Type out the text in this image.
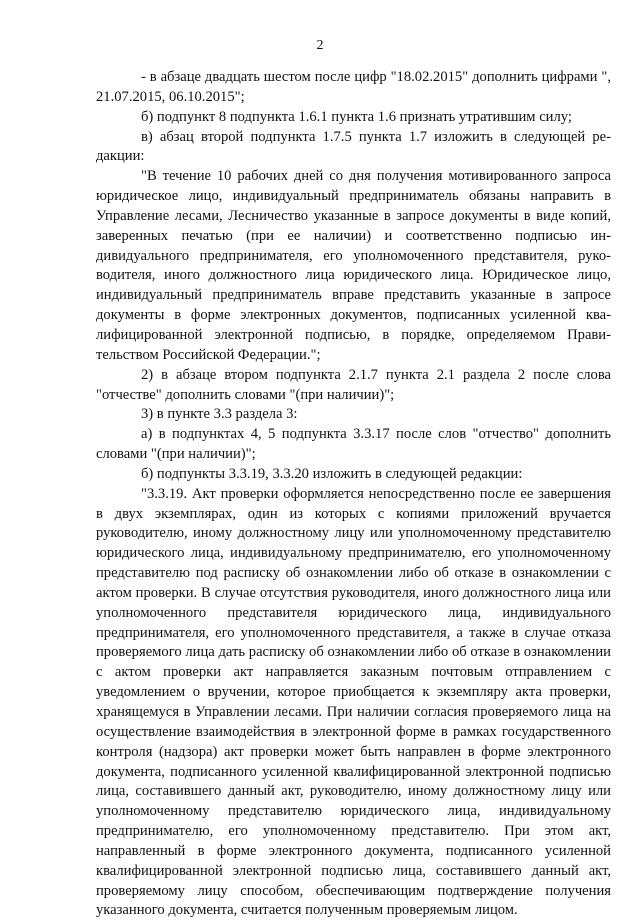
2

- в абзаце двадцать шестом после цифр "18.02.2015" дополнить цифрами ", 21.07.2015, 06.10.2015";

б) подпункт 8 подпункта 1.6.1 пункта 1.6 признать утратившим силу;

в) абзац второй подпункта 1.7.5 пункта 1.7 изложить в следующей редакции:

"В течение 10 рабочих дней со дня получения мотивированного запроса юридическое лицо, индивидуальный предприниматель обязаны направить в Управление лесами, Лесничество указанные в запросе документы в виде копий, заверенных печатью (при ее наличии) и соответственно подписью индивидуального предпринимателя, его уполномоченного представителя, руководителя, иного должностного лица юридического лица. Юридическое лицо, индивидуальный предприниматель вправе представить указанные в запросе документы в форме электронных документов, подписанных усиленной квалифицированной электронной подписью, в порядке, определяемом Правительством Российской Федерации.";

2) в абзаце втором подпункта 2.1.7 пункта 2.1 раздела 2 после слова "отчестве" дополнить словами "(при наличии)";

3) в пункте 3.3 раздела 3:

а) в подпунктах 4, 5 подпункта 3.3.17 после слов "отчество" дополнить словами "(при наличии)";

б) подпункты 3.3.19, 3.3.20 изложить в следующей редакции:

"3.3.19. Акт проверки оформляется непосредственно после ее завершения в двух экземплярах, один из которых с копиями приложений вручается руководителю, иному должностному лицу или уполномоченному представителю юридического лица, индивидуальному предпринимателю, его уполномоченному представителю под расписку об ознакомлении либо об отказе в ознакомлении с актом проверки. В случае отсутствия руководителя, иного должностного лица или уполномоченного представителя юридического лица, индивидуального предпринимателя, его уполномоченного представителя, а также в случае отказа проверяемого лица дать расписку об ознакомлении либо об отказе в ознакомлении с актом проверки акт направляется заказным почтовым отправлением с уведомлением о вручении, которое приобщается к экземпляру акта проверки, хранящемуся в Управлении лесами. При наличии согласия проверяемого лица на осуществление взаимодействия в электронной форме в рамках государственного контроля (надзора) акт проверки может быть направлен в форме электронного документа, подписанного усиленной квалифицированной электронной подписью лица, составившего данный акт, руководителю, иному должностному лицу или уполномоченному представителю юридического лица, индивидуальному предпринимателю, его уполномоченному представителю. При этом акт, направленный в форме электронного документа, подписанного усиленной квалифицированной электронной подписью лица, составившего данный акт, проверяемому лицу способом, обеспечивающим подтверждение получения указанного документа, считается полученным проверяемым лицом.
